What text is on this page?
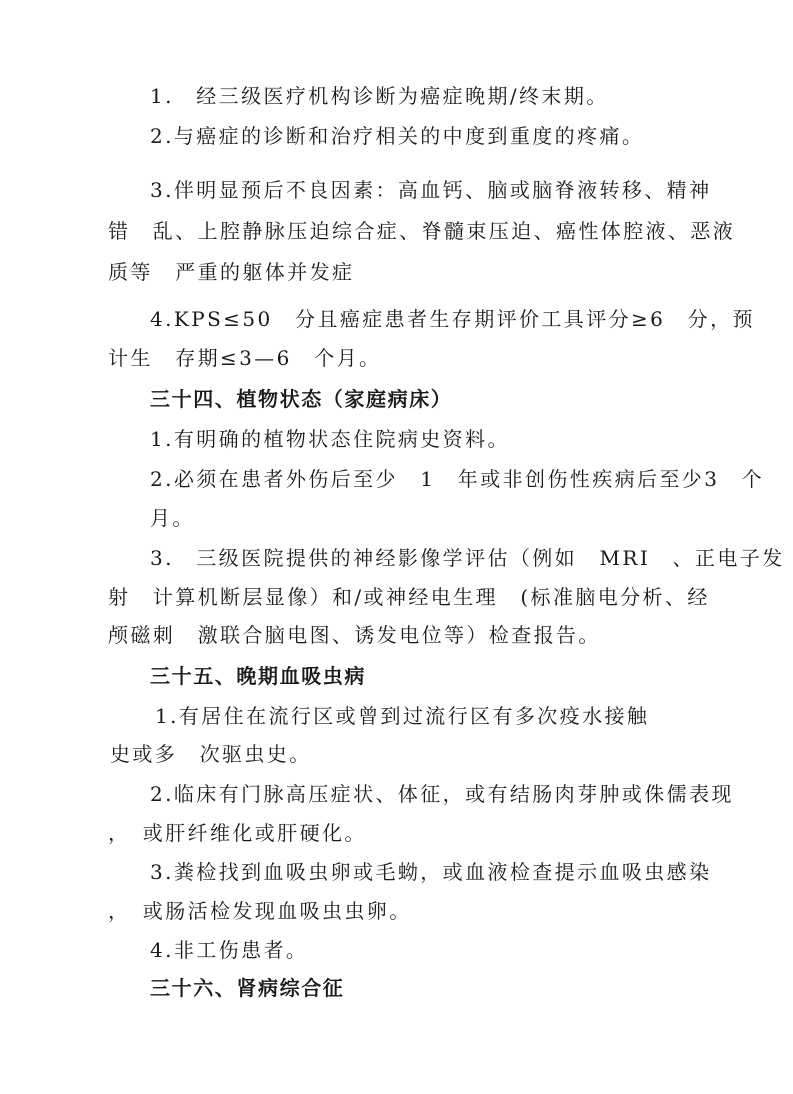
1.　经三级医疗机构诊断为癌症晚期/终末期。
2.与癌症的诊断和治疗相关的中度到重度的疼痛。
3.伴明显预后不良因素：高血钙、脑或脑脊液转移、精神
错　乱、上腔静脉压迫综合症、脊髓束压迫、癌性体腔液、恶液
质等　严重的躯体并发症
4.KPS≤50　分且癌症患者生存期评价工具评分≥6　分，预
计生　存期≤3—6　个月。
三十四、植物状态（家庭病床）
1.有明确的植物状态住院病史资料。
2.必须在患者外伤后至少　1　年或非创伤性疾病后至少3　个
月。
3.　三级医院提供的神经影像学评估（例如　MRI　、正电子发
射　计算机断层显像）和/或神经电生理　(标准脑电分析、经
颅磁刺　激联合脑电图、诱发电位等）检查报告。
三十五、晚期血吸虫病
1.有居住在流行区或曾到过流行区有多次疫水接触
史或多　次驱虫史。
2.临床有门脉高压症状、体征，或有结肠肉芽肿或侏儒表现
，　或肝纤维化或肝硬化。
3.粪检找到血吸虫卵或毛蚴，或血液检查提示血吸虫感染
，　或肠活检发现血吸虫虫卵。
4.非工伤患者。
三十六、肾病综合征
